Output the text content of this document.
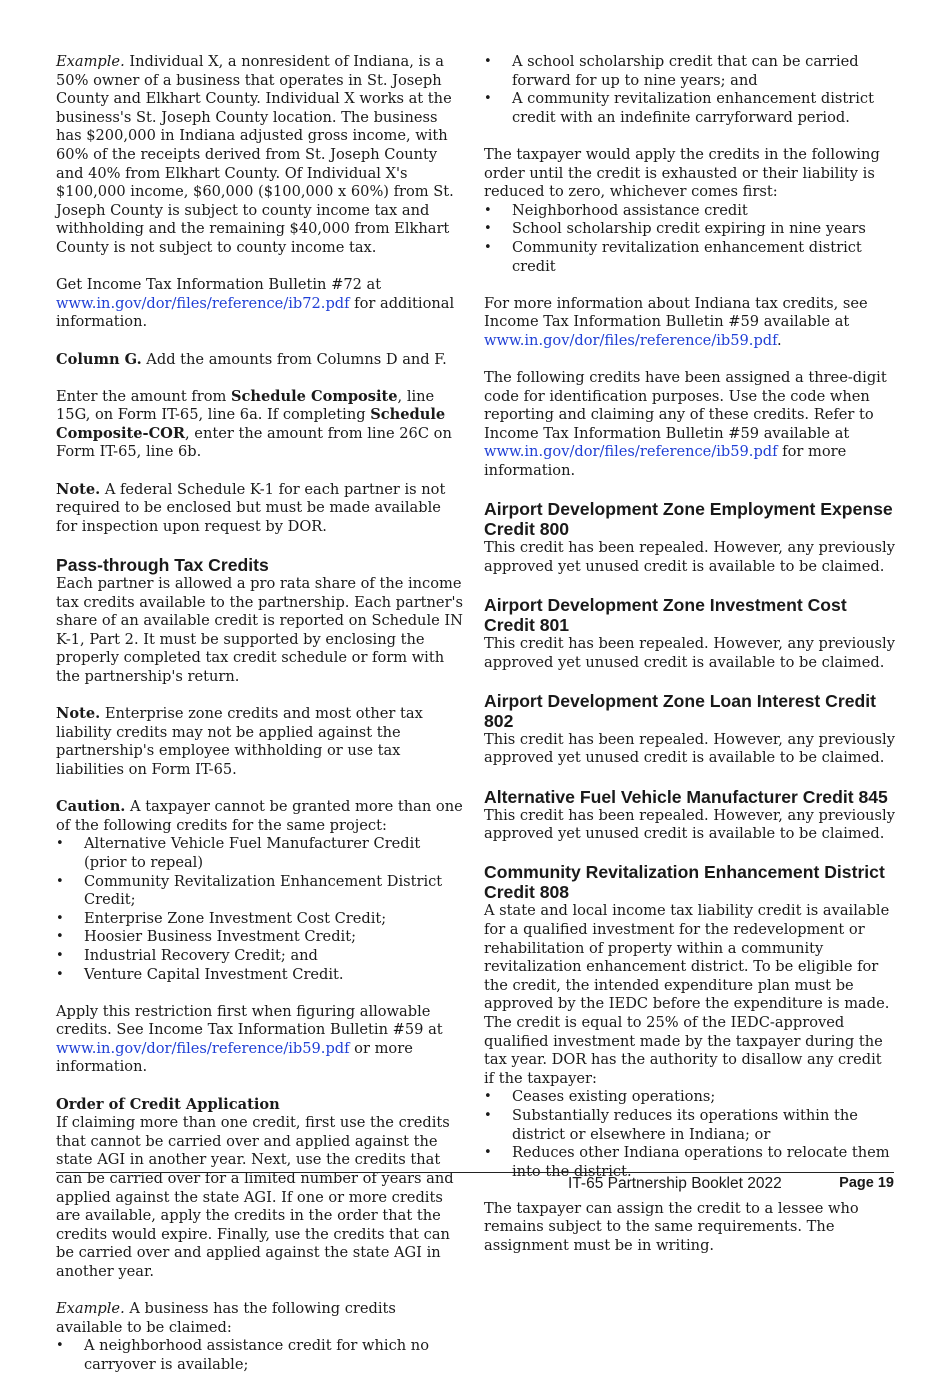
Example. Individual X, a nonresident of Indiana, is a 50% owner of a business that operates in St. Joseph County and Elkhart County. Individual X works at the business's St. Joseph County location. The business has $200,000 in Indiana adjusted gross income, with 60% of the receipts derived from St. Joseph County and 40% from Elkhart County. Of Individual X's $100,000 income, $60,000 ($100,000 x 60%) from St. Joseph County is subject to county income tax and withholding and the remaining $40,000 from Elkhart County is not subject to county income tax.

Get Income Tax Information Bulletin #72 at www.in.gov/dor/files/reference/ib72.pdf for additional information.

Column G. Add the amounts from Columns D and F.

Enter the amount from Schedule Composite, line 15G, on Form IT-65, line 6a. If completing Schedule Composite-COR, enter the amount from line 26C on Form IT-65, line 6b.

Note. A federal Schedule K-1 for each partner is not required to be enclosed but must be made available for inspection upon request by DOR.

Pass-through Tax Credits

Each partner is allowed a pro rata share of the income tax credits available to the partnership. Each partner's share of an available credit is reported on Schedule IN K-1, Part 2. It must be supported by enclosing the properly completed tax credit schedule or form with the partnership's return.

Note. Enterprise zone credits and most other tax liability credits may not be applied against the partnership's employee withholding or use tax liabilities on Form IT-65.

Caution. A taxpayer cannot be granted more than one of the following credits for the same project:

• Alternative Vehicle Fuel Manufacturer Credit (prior to repeal)
• Community Revitalization Enhancement District Credit;
• Enterprise Zone Investment Cost Credit;
• Hoosier Business Investment Credit;
• Industrial Recovery Credit; and
• Venture Capital Investment Credit.

Apply this restriction first when figuring allowable credits. See Income Tax Information Bulletin #59 at www.in.gov/dor/files/reference/ib59.pdf or more information.

Order of Credit Application

If claiming more than one credit, first use the credits that cannot be carried over and applied against the state AGI in another year. Next, use the credits that can be carried over for a limited number of years and applied against the state AGI. If one or more credits are available, apply the credits in the order that the credits would expire. Finally, use the credits that can be carried over and applied against the state AGI in another year.

Example. A business has the following credits available to be claimed:

• A neighborhood assistance credit for which no carryover is available;
• A school scholarship credit that can be carried forward for up to nine years; and
• A community revitalization enhancement district credit with an indefinite carryforward period.

The taxpayer would apply the credits in the following order until the credit is exhausted or their liability is reduced to zero, whichever comes first:

• Neighborhood assistance credit
• School scholarship credit expiring in nine years
• Community revitalization enhancement district credit

For more information about Indiana tax credits, see Income Tax Information Bulletin #59 available at www.in.gov/dor/files/reference/ib59.pdf.

The following credits have been assigned a three-digit code for identification purposes. Use the code when reporting and claiming any of these credits. Refer to Income Tax Information Bulletin #59 available at www.in.gov/dor/files/reference/ib59.pdf for more information.

Airport Development Zone Employment Expense Credit 800

This credit has been repealed. However, any previously approved yet unused credit is available to be claimed.

Airport Development Zone Investment Cost Credit 801

This credit has been repealed. However, any previously approved yet unused credit is available to be claimed.

Airport Development Zone Loan Interest Credit 802

This credit has been repealed. However, any previously approved yet unused credit is available to be claimed.

Alternative Fuel Vehicle Manufacturer Credit 845

This credit has been repealed. However, any previously approved yet unused credit is available to be claimed.

Community Revitalization Enhancement District Credit 808

A state and local income tax liability credit is available for a qualified investment for the redevelopment or rehabilitation of property within a community revitalization enhancement district. To be eligible for the credit, the intended expenditure plan must be approved by the IEDC before the expenditure is made. The credit is equal to 25% of the IEDC-approved qualified investment made by the taxpayer during the tax year. DOR has the authority to disallow any credit if the taxpayer:

• Ceases existing operations;
• Substantially reduces its operations within the district or elsewhere in Indiana; or
• Reduces other Indiana operations to relocate them into the district.

The taxpayer can assign the credit to a lessee who remains subject to the same requirements. The assignment must be in writing.

IT-65 Partnership Booklet 2022	Page 19
